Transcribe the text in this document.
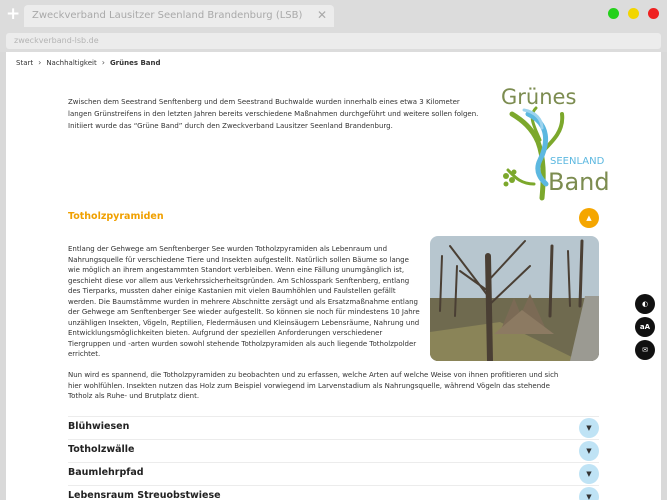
+ Zweckverband Lausitzer Seenland Brandenburg (LSB) ✕
zweckverband-lsb.de
Start › Nachhaltigkeit › Grünes Band

Zwischen dem Seestrand Senftenberg und dem Seestrand Buchwalde wurden innerhalb eines etwa 3 Kilometer langen Grünstreifens in den letzten Jahren bereits verschiedene Maßnahmen durchgeführt und weitere sollen folgen. Initiiert wurde das “Grüne Band” durch den Zweckverband Lausitzer Seenland Brandenburg.

Grünes
SEENLAND
Band
Totholzpyramiden	▲

Entlang der Gehwege am Senftenberger See wurden Totholzpyramiden als Lebenraum und Nahrungsquelle für verschiedene Tiere und Insekten aufgestellt. Natürlich sollen Bäume so lange wie möglich an ihrem angestammten Standort verbleiben. Wenn eine Fällung unumgänglich ist, geschieht diese vor allem aus Verkehrssicherheitsgründen. Am Schlosspark Senftenberg, entlang des Tierparks, mussten daher einige Kastanien mit vielen Baumhöhlen und Faulstellen gefällt werden. Die Baumstämme wurden in mehrere Abschnitte zersägt und als Ersatzmaßnahme entlang der Gehwege am Senftenberger See wieder aufgestellt. So können sie noch für mindestens 10 Jahre unzähligen Insekten, Vögeln, Reptilien, Fledermäusen und Kleinsäugern Lebensräume, Nahrung und Entwicklungsmöglichkeiten bieten. Aufgrund der speziellen Anforderungen verschiedener Tiergruppen und -arten wurden sowohl stehende Totholzpyramiden als auch liegende Totholzpolder errichtet.

Nun wird es spannend, die Totholzpyramiden zu beobachten und zu erfassen, welche Arten auf welche Weise von ihnen profitieren und sich hier wohlfühlen. Insekten nutzen das Holz zum Beispiel vorwiegend im Larvenstadium als Nahrungsquelle, während Vögeln das stehende Totholz als Ruhe- und Brutplatz dient.

Blühwiesen	▼
Totholzwälle	▼
Baumlehrpfad	▼
Lebensraum Streuobstwiese	▼
◐
aA
✉
